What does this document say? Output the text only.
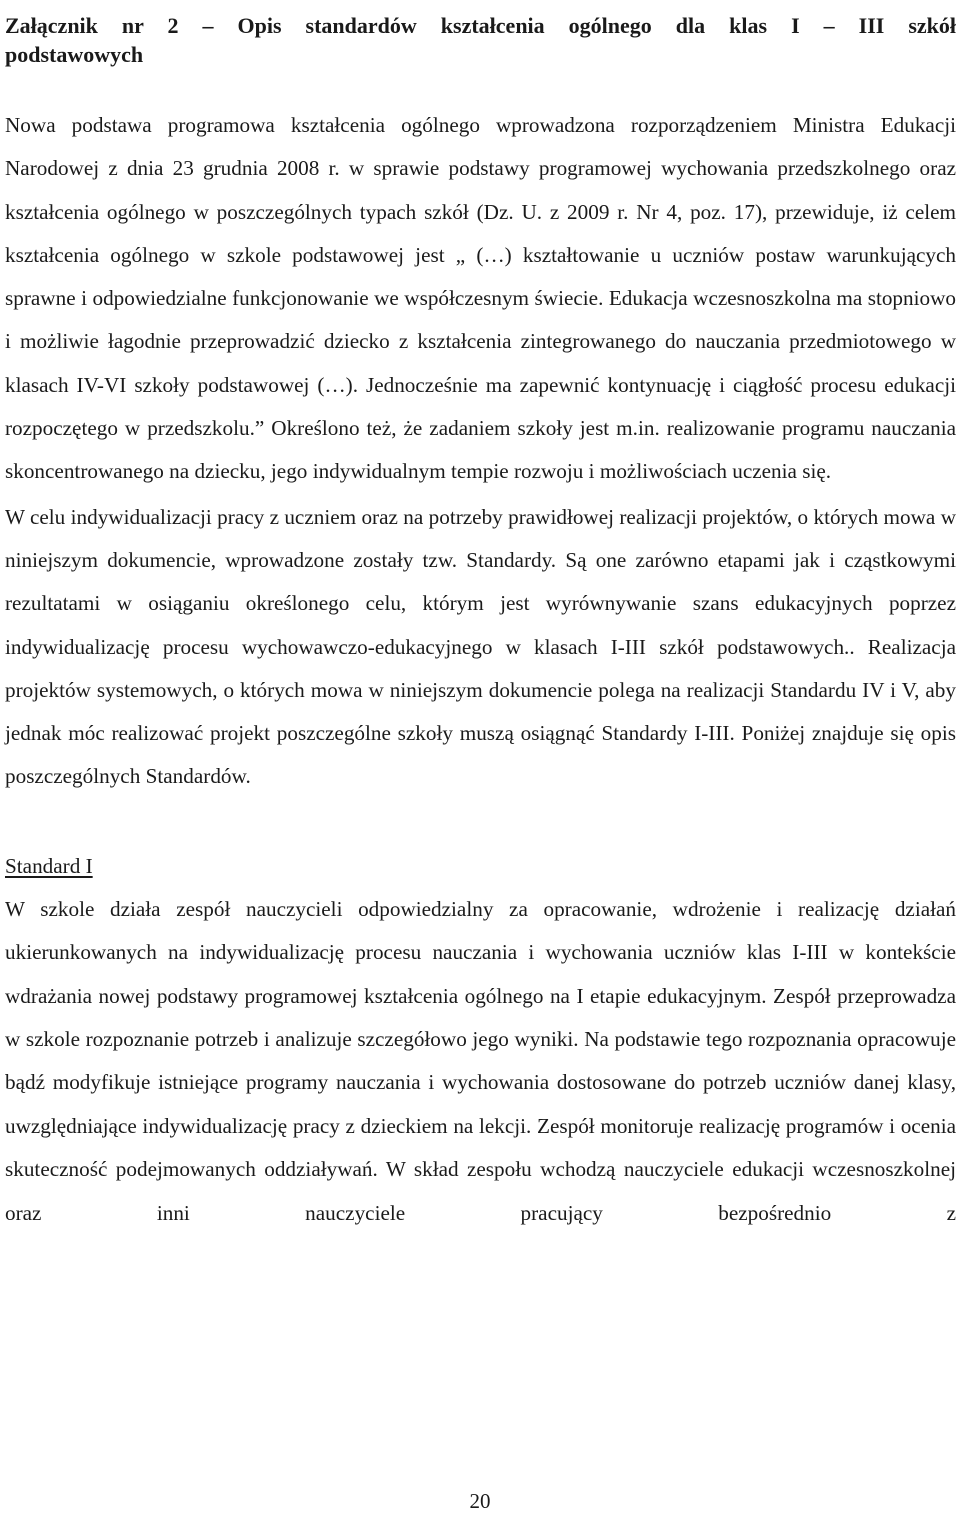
Załącznik nr 2 – Opis standardów kształcenia ogólnego dla klas I – III szkół
podstawowych

Nowa podstawa programowa kształcenia ogólnego wprowadzona rozporządzeniem Ministra Edukacji Narodowej z dnia 23 grudnia 2008 r. w sprawie podstawy programowej wychowania przedszkolnego oraz kształcenia ogólnego w poszczególnych typach szkół (Dz. U. z 2009 r. Nr 4, poz. 17), przewiduje, iż celem kształcenia ogólnego w szkole podstawowej jest „ (…) kształtowanie u uczniów postaw warunkujących sprawne i odpowiedzialne funkcjonowanie we współczesnym świecie. Edukacja wczesnoszkolna ma stopniowo i możliwie łagodnie przeprowadzić dziecko z kształcenia zintegrowanego do nauczania przedmiotowego w klasach IV-VI szkoły podstawowej (…). Jednocześnie ma zapewnić kontynuację i ciągłość procesu edukacji rozpoczętego w przedszkolu.” Określono też, że zadaniem szkoły jest m.in. realizowanie programu nauczania skoncentrowanego na dziecku, jego indywidualnym tempie rozwoju i możliwościach uczenia się.

W celu indywidualizacji pracy z uczniem oraz na potrzeby prawidłowej realizacji projektów, o których mowa w niniejszym dokumencie, wprowadzone zostały tzw. Standardy. Są one zarówno etapami jak i cząstkowymi rezultatami w osiąganiu określonego celu, którym jest wyrównywanie szans edukacyjnych poprzez indywidualizację procesu wychowawczo-edukacyjnego w klasach I-III szkół podstawowych.. Realizacja projektów systemowych, o których mowa w niniejszym dokumencie polega na realizacji Standardu IV i V, aby jednak móc realizować projekt poszczególne szkoły muszą osiągnąć Standardy I-III. Poniżej znajduje się opis poszczególnych Standardów.

Standard I

W szkole działa zespół nauczycieli odpowiedzialny za opracowanie, wdrożenie i realizację działań ukierunkowanych na indywidualizację procesu nauczania i wychowania uczniów klas I-III w kontekście wdrażania nowej podstawy programowej kształcenia ogólnego na I etapie edukacyjnym. Zespół przeprowadza w szkole rozpoznanie potrzeb i analizuje szczegółowo jego wyniki. Na podstawie tego rozpoznania opracowuje bądź modyfikuje istniejące programy nauczania i wychowania dostosowane do potrzeb uczniów danej klasy, uwzględniające indywidualizację pracy z dzieckiem na lekcji. Zespół monitoruje realizację programów i ocenia skuteczność podejmowanych oddziaływań. W skład zespołu wchodzą nauczyciele edukacji wczesnoszkolnej oraz inni nauczyciele pracujący bezpośrednio z

20
